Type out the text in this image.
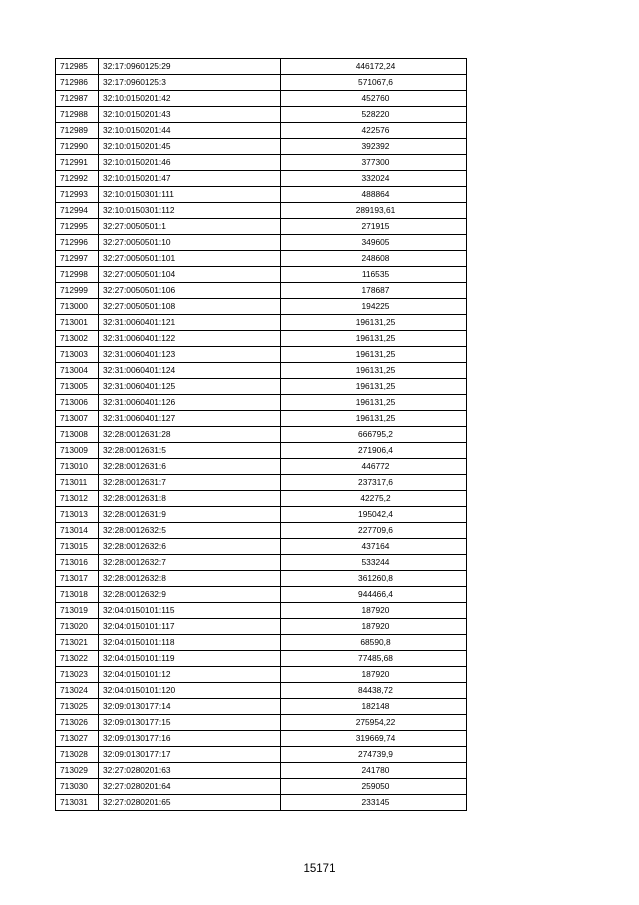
712985	32:17:0960125:29	446172,24
712986	32:17:0960125:3	571067,6
712987	32:10:0150201:42	452760
712988	32:10:0150201:43	528220
712989	32:10:0150201:44	422576
712990	32:10:0150201:45	392392
712991	32:10:0150201:46	377300
712992	32:10:0150201:47	332024
712993	32:10:0150301:111	488864
712994	32:10:0150301:112	289193,61
712995	32:27:0050501:1	271915
712996	32:27:0050501:10	349605
712997	32:27:0050501:101	248608
712998	32:27:0050501:104	116535
712999	32:27:0050501:106	178687
713000	32:27:0050501:108	194225
713001	32:31:0060401:121	196131,25
713002	32:31:0060401:122	196131,25
713003	32:31:0060401:123	196131,25
713004	32:31:0060401:124	196131,25
713005	32:31:0060401:125	196131,25
713006	32:31:0060401:126	196131,25
713007	32:31:0060401:127	196131,25
713008	32:28:0012631:28	666795,2
713009	32:28:0012631:5	271906,4
713010	32:28:0012631:6	446772
713011	32:28:0012631:7	237317,6
713012	32:28:0012631:8	42275,2
713013	32:28:0012631:9	195042,4
713014	32:28:0012632:5	227709,6
713015	32:28:0012632:6	437164
713016	32:28:0012632:7	533244
713017	32:28:0012632:8	361260,8
713018	32:28:0012632:9	944466,4
713019	32:04:0150101:115	187920
713020	32:04:0150101:117	187920
713021	32:04:0150101:118	68590,8
713022	32:04:0150101:119	77485,68
713023	32:04:0150101:12	187920
713024	32:04:0150101:120	84438,72
713025	32:09:0130177:14	182148
713026	32:09:0130177:15	275954,22
713027	32:09:0130177:16	319669,74
713028	32:09:0130177:17	274739,9
713029	32:27:0280201:63	241780
713030	32:27:0280201:64	259050
713031	32:27:0280201:65	233145
15171
